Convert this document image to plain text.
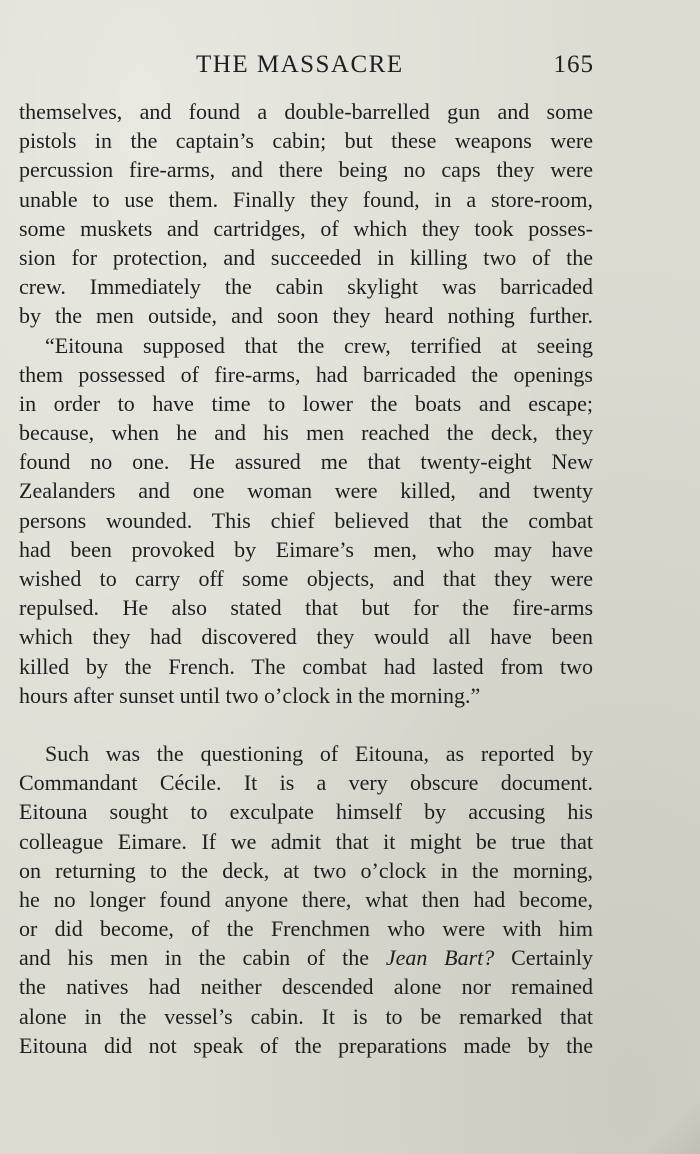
THE MASSACRE	165
themselves, and found a double-barrelled gun and some
pistols in the captain’s cabin; but these weapons were
percussion fire-arms, and there being no caps they were
unable to use them. Finally they found, in a store-room,
some muskets and cartridges, of which they took posses-
sion for protection, and succeeded in killing two of the
crew. Immediately the cabin skylight was barricaded
by the men outside, and soon they heard nothing further.
“Eitouna supposed that the crew, terrified at seeing
them possessed of fire-arms, had barricaded the openings
in order to have time to lower the boats and escape;
because, when he and his men reached the deck, they
found no one. He assured me that twenty-eight New
Zealanders and one woman were killed, and twenty
persons wounded. This chief believed that the combat
had been provoked by Eimare’s men, who may have
wished to carry off some objects, and that they were
repulsed. He also stated that but for the fire-arms
which they had discovered they would all have been
killed by the French. The combat had lasted from two
hours after sunset until two o’clock in the morning.”
Such was the questioning of Eitouna, as reported by
Commandant Cécile. It is a very obscure document.
Eitouna sought to exculpate himself by accusing his
colleague Eimare. If we admit that it might be true that
on returning to the deck, at two o’clock in the morning,
he no longer found anyone there, what then had become,
or did become, of the Frenchmen who were with him
and his men in the cabin of the Jean Bart? Certainly
the natives had neither descended alone nor remained
alone in the vessel’s cabin. It is to be remarked that
Eitouna did not speak of the preparations made by the
